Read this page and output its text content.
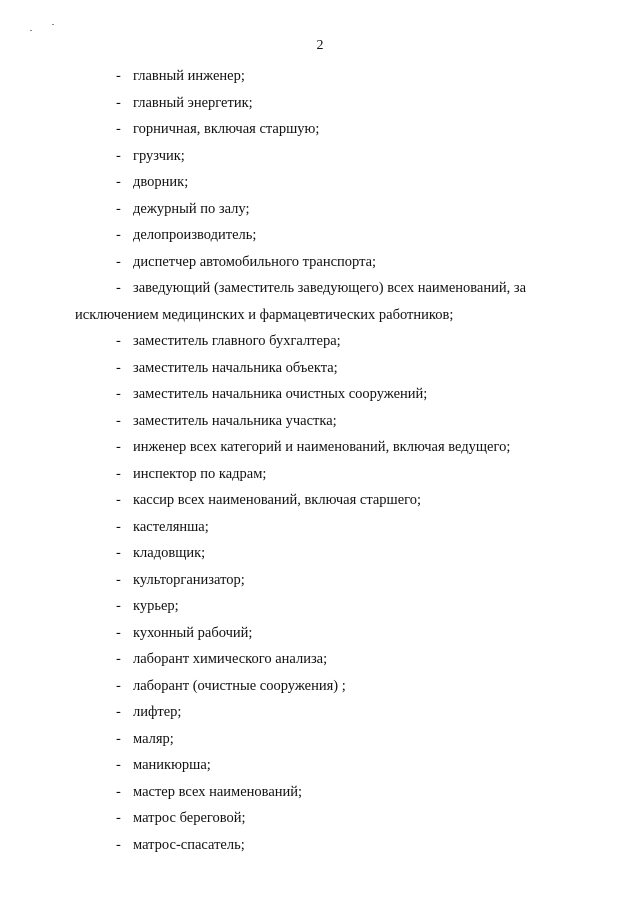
2
- главный инженер;
- главный энергетик;
- горничная, включая старшую;
- грузчик;
- дворник;
- дежурный по залу;
- делопроизводитель;
- диспетчер автомобильного транспорта;
- заведующий (заместитель заведующего) всех наименований, за
исключением медицинских и фармацевтических работников;
- заместитель главного бухгалтера;
- заместитель начальника объекта;
- заместитель начальника очистных сооружений;
- заместитель начальника участка;
- инженер всех категорий и наименований, включая ведущего;
- инспектор по кадрам;
- кассир всех наименований, включая старшего;
- кастелянша;
- кладовщик;
- культорганизатор;
- курьер;
- кухонный рабочий;
- лаборант химического анализа;
- лаборант (очистные сооружения) ;
- лифтер;
- маляр;
- маникюрша;
- мастер всех наименований;
- матрос береговой;
- матрос-спасатель;
